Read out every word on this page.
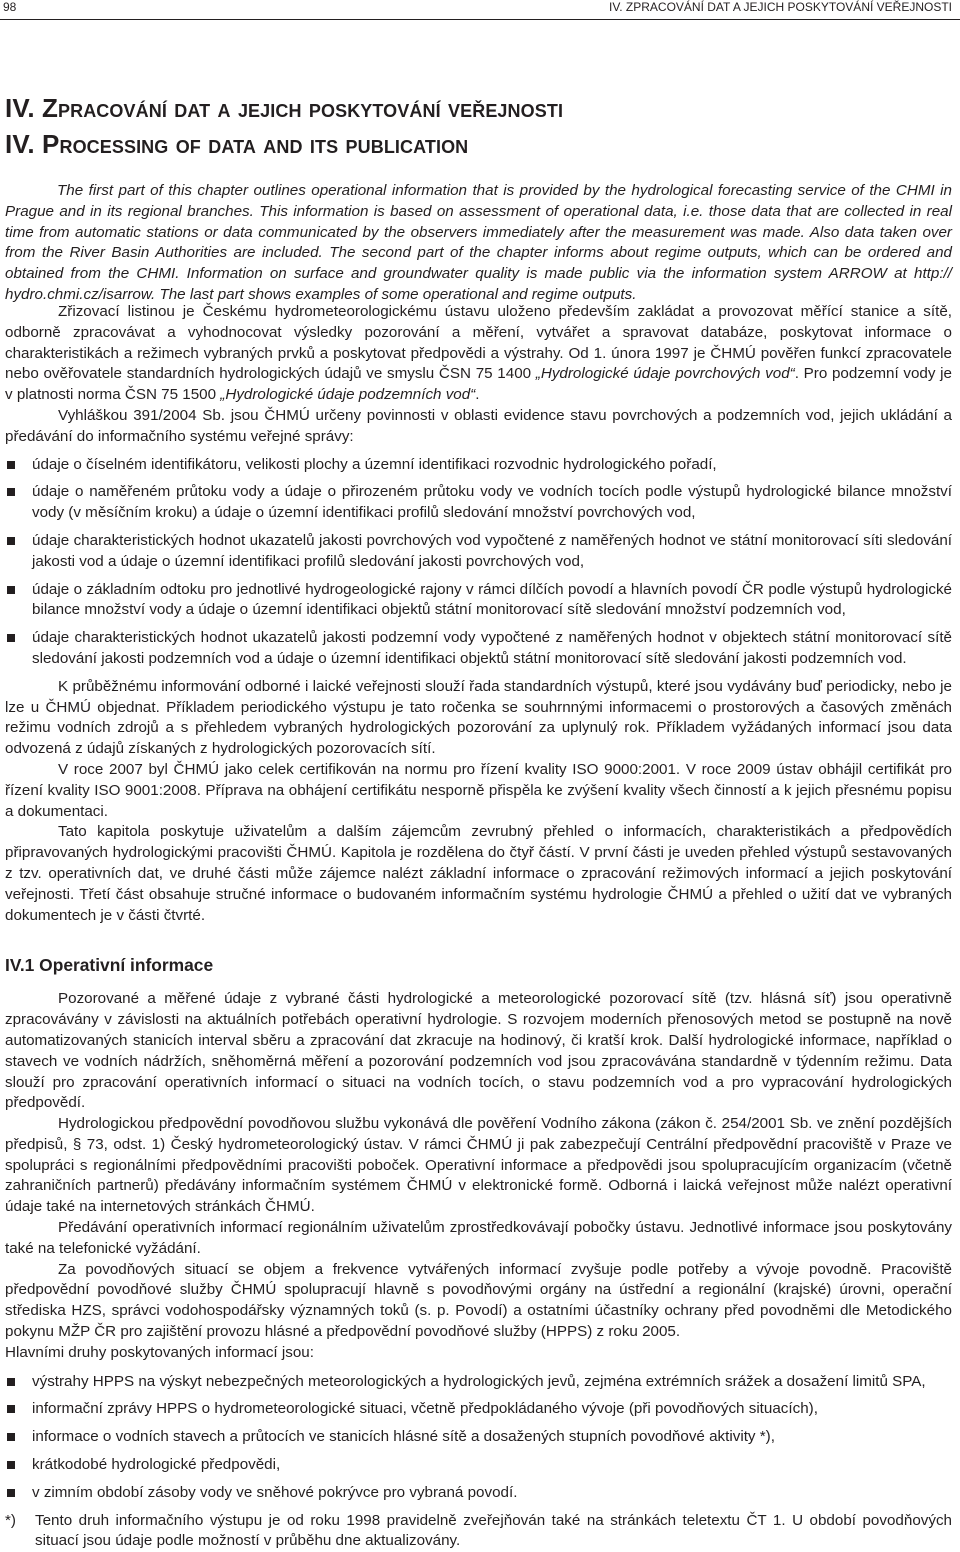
98	IV. ZPRACOVÁNÍ DAT A JEJICH POSKYTOVÁNÍ VEŘEJNOSTI
IV. Zpracování dat a jejich poskytování veřejnosti
IV. Processing of data and its publication

The first part of this chapter outlines operational information that is provided by the hydrological forecasting service of the CHMI in Prague and in its regional branches. This information is based on assessment of operational data, i.e. those data that are collected in real time from automatic stations or data communicated by the observers immediately after the measurement was made. Also data taken over from the River Basin Authorities are included. The second part of the chapter informs about regime outputs, which can be ordered and obtained from the CHMI. Information on surface and groundwater quality is made public via the information system ARROW at http:// hydro.chmi.cz/isarrow. The last part shows examples of some operational and regime outputs.

Zřizovací listinou je Českému hydrometeorologickému ústavu uloženo především zakládat a provozovat měřící stanice a sítě, odborně zpracovávat a vyhodnocovat výsledky pozorování a měření, vytvářet a spravovat databáze, poskytovat informace o charakteristikách a režimech vybraných prvků a poskytovat předpovědi a výstrahy. Od 1. února 1997 je ČHMÚ pověřen funkcí zpracovatele nebo ověřovatele standardních hydrologických údajů ve smyslu ČSN 75 1400 „Hydrologické údaje povrchových vod“. Pro podzemní vody je v platnosti norma ČSN 75 1500 „Hydrologické údaje podzemních vod“.

Vyhláškou 391/2004 Sb. jsou ČHMÚ určeny povinnosti v oblasti evidence stavu povrchových a podzemních vod, jejich ukládání a předávání do informačního systému veřejné správy:

údaje o číselném identifikátoru, velikosti plochy a územní identifikaci rozvodnic hydrologického pořadí,
údaje o naměřeném průtoku vody a údaje o přirozeném průtoku vody ve vodních tocích podle výstupů hydrologické bilance množství vody (v měsíčním kroku) a údaje o územní identifikaci profilů sledování množství povrchových vod,
údaje charakteristických hodnot ukazatelů jakosti povrchových vod vypočtené z naměřených hodnot ve státní monitorovací síti sledování jakosti vod a údaje o územní identifikaci profilů sledování jakosti povrchových vod,
údaje o základním odtoku pro jednotlivé hydrogeologické rajony v rámci dílčích povodí a hlavních povodí ČR podle výstupů hydrologické bilance množství vody a údaje o územní identifikaci objektů státní monitorovací sítě sledování množství podzemních vod,
údaje charakteristických hodnot ukazatelů jakosti podzemní vody vypočtené z naměřených hodnot v objektech státní monitorovací sítě sledování jakosti podzemních vod a údaje o územní identifikaci objektů státní monitorovací sítě sledování jakosti podzemních vod.

K průběžnému informování odborné i laické veřejnosti slouží řada standardních výstupů, které jsou vydávány buď periodicky, nebo je lze u ČHMÚ objednat. Příkladem periodického výstupu je tato ročenka se souhrnnými informacemi o prostorových a časových změnách režimu vodních zdrojů a s přehledem vybraných hydrologických pozorování za uplynulý rok. Příkladem vyžádaných informací jsou data odvozená z údajů získaných z hydrologických pozorovacích sítí.

V roce 2007 byl ČHMÚ jako celek certifikován na normu pro řízení kvality ISO 9000:2001. V roce 2009 ústav obhájil certifikát pro řízení kvality ISO 9001:2008. Příprava na obhájení certifikátu nesporně přispěla ke zvýšení kvality všech činností a k jejich přesnému popisu a dokumentaci.

Tato kapitola poskytuje uživatelům a dalším zájemcům zevrubný přehled o informacích, charakteristikách a předpovědích připravovaných hydrologickými pracovišti ČHMÚ. Kapitola je rozdělena do čtyř částí. V první části je uveden přehled výstupů sestavovaných z tzv. operativních dat, ve druhé části může zájemce nalézt základní informace o zpracování režimových informací a jejich poskytování veřejnosti. Třetí část obsahuje stručné informace o budovaném informačním systému hydrologie ČHMÚ a přehled o užití dat ve vybraných dokumentech je v části čtvrté.

IV.1 Operativní informace

Pozorované a měřené údaje z vybrané části hydrologické a meteorologické pozorovací sítě (tzv. hlásná síť) jsou operativně zpracovávány v závislosti na aktuálních potřebách operativní hydrologie. S rozvojem moderních přenosových metod se postupně na nově automatizovaných stanicích interval sběru a zpracování dat zkracuje na hodinový, či kratší krok. Další hydrologické informace, například o stavech ve vodních nádržích, sněhoměrná měření a pozorování podzemních vod jsou zpracovávána standardně v týdenním režimu. Data slouží pro zpracování operativních informací o situaci na vodních tocích, o stavu podzemních vod a pro vypracování hydrologických předpovědí.

Hydrologickou předpovědní povodňovou službu vykonává dle pověření Vodního zákona (zákon č. 254/2001 Sb. ve znění pozdějších předpisů, § 73, odst. 1) Český hydrometeorologický ústav. V rámci ČHMÚ ji pak zabezpečují Centrální předpovědní pracoviště v Praze ve spolupráci s regionálními předpovědními pracovišti poboček. Operativní informace a předpovědi jsou spolupracujícím organizacím (včetně zahraničních partnerů) předávány informačním systémem ČHMÚ v elektronické formě. Odborná i laická veřejnost může nalézt operativní údaje také na internetových stránkách ČHMÚ.

Předávání operativních informací regionálním uživatelům zprostředkovávají pobočky ústavu. Jednotlivé informace jsou poskytovány také na telefonické vyžádání.

Za povodňových situací se objem a frekvence vytvářených informací zvyšuje podle potřeby a vývoje povodně. Pracoviště předpovědní povodňové služby ČHMÚ spolupracují hlavně s povodňovými orgány na ústřední a regionální (krajské) úrovni, operační střediska HZS, správci vodohospodářsky významných toků (s. p. Povodí) a ostatními účastníky ochrany před povodněmi dle Metodického pokynu MŽP ČR pro zajištění provozu hlásné a předpovědní povodňové služby (HPPS) z roku 2005.

Hlavními druhy poskytovaných informací jsou:

výstrahy HPPS na výskyt nebezpečných meteorologických a hydrologických jevů, zejména extrémních srážek a dosažení limitů SPA,
informační zprávy HPPS o hydrometeorologické situaci, včetně předpokládaného vývoje (při povodňových situacích),
informace o vodních stavech a průtocích ve stanicích hlásné sítě a dosažených stupních povodňové aktivity *),
krátkodobé hydrologické předpovědi,
v zimním období zásoby vody ve sněhové pokrývce pro vybraná povodí.
*) Tento druh informačního výstupu je od roku 1998 pravidelně zveřejňován také na stránkách teletextu ČT 1. U období povodňových situací jsou údaje podle možností v průběhu dne aktualizovány.
